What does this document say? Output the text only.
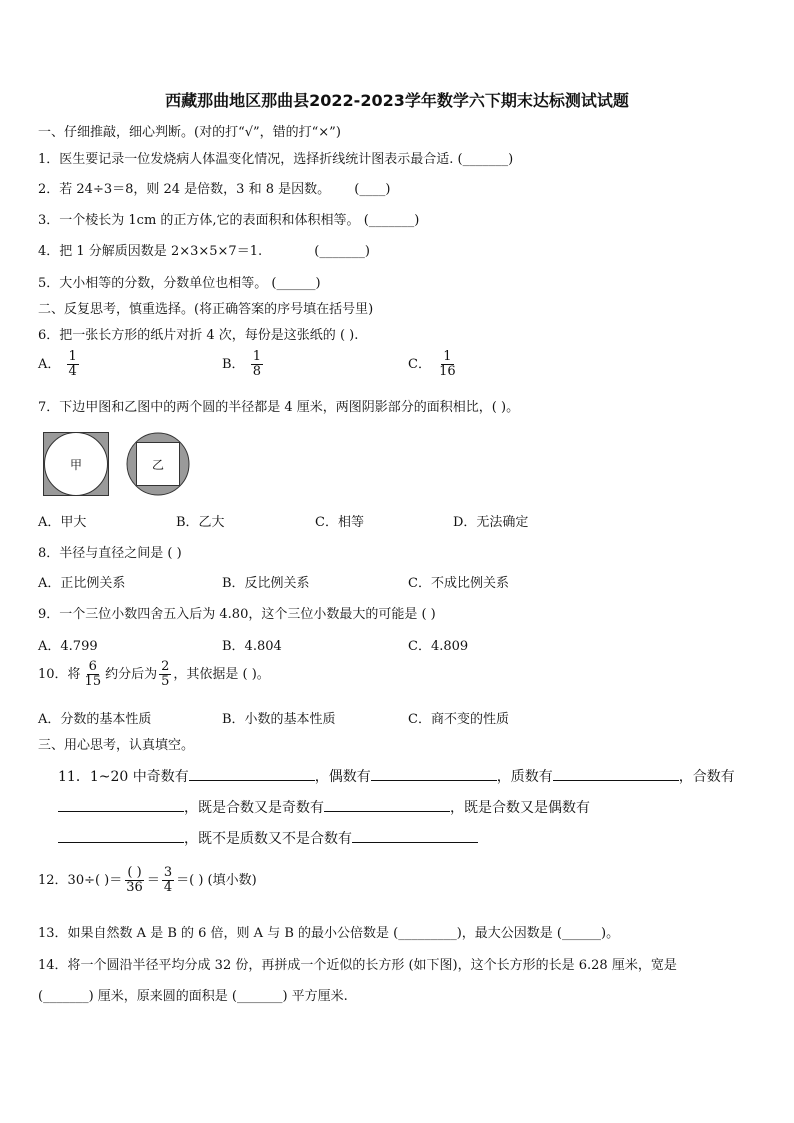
西藏那曲地区那曲县2022-2023学年数学六下期末达标测试试题
一、仔细推敲，细心判断。(对的打“√”，错的打“×”)
1．医生要记录一位发烧病人体温变化情况，选择折线统计图表示最合适. (_______)
2．若 24÷3＝8，则 24 是倍数，3 和 8 是因数。 (____)
3．一个棱长为 1cm 的正方体,它的表面积和体积相等。 (_______)
4．把 1 分解质因数是 2×3×5×7＝1.	(_______)
5．大小相等的分数，分数单位也相等。 (______)
二、反复思考，慎重选择。(将正确答案的序号填在括号里)
6．把一张长方形的纸片对折 4 次，每份是这张纸的 ( ).
A． $\frac{1}{4}$	B． $\frac{1}{8}$	C． $\frac{1}{16}$
7．下边甲图和乙图中的两个圆的半径都是 4 厘米，两图阴影部分的面积相比，( )。
甲	乙
A．甲大	B．乙大	C．相等	D．无法确定
8．半径与直径之间是 ( )
A．正比例关系	B．反比例关系	C．不成比例关系
9．一个三位小数四舍五入后为 4.80，这个三位小数最大的可能是 ( )
A．4.799	B．4.804	C．4.809
10．将 $\frac{6}{15}$ 约分后为 $\frac{2}{5}$ ，其依据是 ( )。
A．分数的基本性质	B．小数的基本性质	C．商不变的性质
三、用心思考，认真填空。
11．1~20 中奇数有	，偶数有	，质数有	，合数有
，既是合数又是奇数有	，既是合数又是偶数有
，既不是质数又不是合数有
12．30÷( )＝ $\frac{( )}{36} = \frac{3}{4}$ ＝( ) (填小数)
13．如果自然数 A 是 B 的 6 倍，则 A 与 B 的最小公倍数是 (_________)，最大公因数是 (______)。
14．将一个圆沿半径平均分成 32 份，再拼成一个近似的长方形 (如下图)，这个长方形的长是 6.28 厘米，宽是
(_______) 厘米，原来圆的面积是 (_______) 平方厘米.
